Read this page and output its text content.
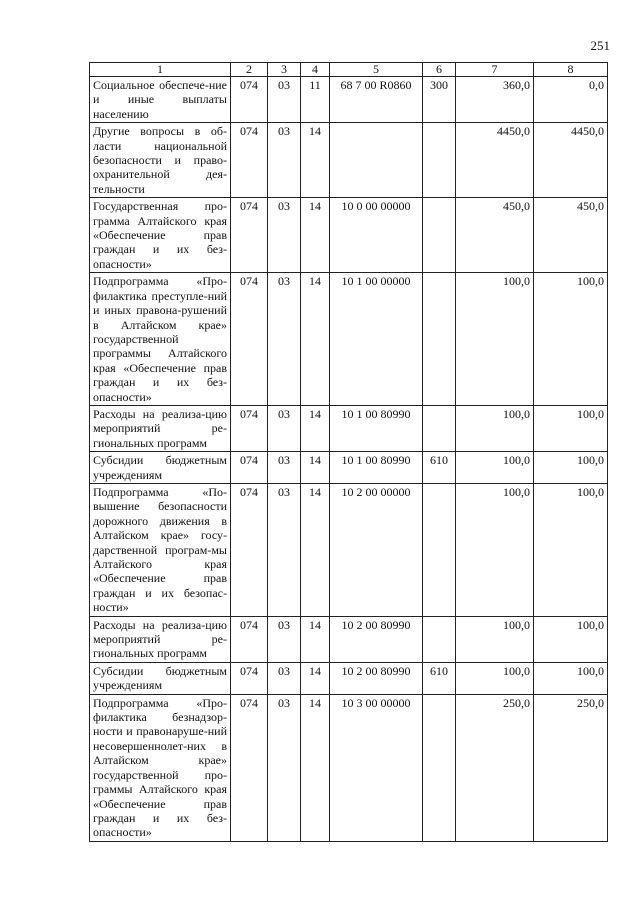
251
1	2	3	4	5	6	7	8
Социальное обеспече-ние и иные выплаты населению	074	03	11	68 7 00 R0860	300	360,0	0,0
Другие вопросы в об-ласти национальной безопасности и право-охранительной дея-тельности	074	03	14			4450,0	4450,0
Государственная про-грамма Алтайского края «Обеспечение прав граждан и их без-опасности»	074	03	14	10 0 00 00000		450,0	450,0
Подпрограмма «Про-филактика преступле-ний и иных правона-рушений в Алтайском крае» государственной программы Алтайского края «Обеспечение прав граждан и их без-опасности»	074	03	14	10 1 00 00000		100,0	100,0
Расходы на реализа-цию мероприятий ре-гиональных программ	074	03	14	10 1 00 80990		100,0	100,0
Субсидии бюджетным учреждениям	074	03	14	10 1 00 80990	610	100,0	100,0
Подпрограмма «По-вышение безопасности дорожного движения в Алтайском крае» госу-дарственной програм-мы Алтайского края «Обеспечение прав граждан и их безопас-ности»	074	03	14	10 2 00 00000		100,0	100,0
Расходы на реализа-цию мероприятий ре-гиональных программ	074	03	14	10 2 00 80990		100,0	100,0
Субсидии бюджетным учреждениям	074	03	14	10 2 00 80990	610	100,0	100,0
Подпрограмма «Про-филактика безнадзор-ности и правонаруше-ний несовершеннолет-них в Алтайском крае» государственной про-граммы Алтайского края «Обеспечение прав граждан и их без-опасности»	074	03	14	10 3 00 00000		250,0	250,0
